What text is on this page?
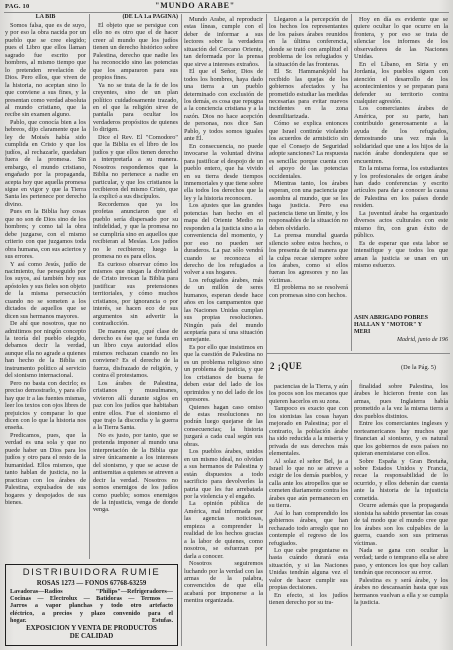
PAG. 10	"MUNDO ARABE"
LA BIB

Somos falsa, que es de suyo, y por eso la obra nacida por un pueblo que se cree elegido; pues el Libro que ellos llaman sagrado fue escrito por hombres, al mismo tiempo que lo pretenden revelación de Dios. Pero ellos, que viven de la historia, no aceptan sino lo que conviene a sus fines, y la presentan como verdad absoluta al mundo cristiano, que la recibe sin examen alguno.

Pablo, que conocía bien a los hebreos, dijo claramente que la ley de Moisés había sido cumplida en Cristo y que los judíos, al rechazarle, quedaban fuera de la promesa. Sin embargo, el mundo cristiano, engañado por la propaganda, acepta hoy que aquella promesa sigue en vigor y que la Tierra Santa les pertenece por derecho divino.

Pues en la Biblia hay cosas que no son de Dios sino de los hombres; y como tal la obra debe juzgarse, con el mismo criterio con que juzgamos toda obra humana, con sus aciertos y sus errores.

Y así como Jesús, judío de nacimiento, fue perseguido por los suyos, así también hoy sus apóstoles y sus fieles son objeto de la misma persecución cuando no se someten a los dictados de aquellos que se dicen sus hermanos mayores.

De ahí que nosotros, que no admitimos por ningún concepto la teoría del pueblo elegido, debamos decir la verdad, aunque ella no agrade a quienes han hecho de la Biblia un instrumento político al servicio del sionismo internacional.

Pero no basta con decirlo; es preciso demostrarlo, y para ello hay que ir a las fuentes mismas, leer los textos con ojos libres de prejuicios y comparar lo que dicen con lo que la historia nos enseña.

Predicamos, pues, que la verdad es una sola y que no puede haber un Dios para los judíos y otro para el resto de la humanidad. Ellos mismos, que tanto hablan de justicia, no la practican con los árabes de Palestina, expulsados de sus hogares y despojados de sus bienes.

(DE LA 1.a PAGINA)

El objeto que se persigue con ello no es otro que el de hacer creer al mundo que los judíos tienen un derecho histórico sobre Palestina, derecho que nadie les ha reconocido sino las potencias que los ampararon para sus propios fines.

Ya no se trata de la fe de los creyentes, sino de un plan político cuidadosamente trazado, en el que la religión sirve de pantalla para ocultar los verdaderos propósitos de quienes lo dirigen.

Dice el Rev. El "Comodoro" que la Biblia es el libro de los judíos y que ellos tienen derecho a interpretarla a su manera. Nosotros respondemos que la Biblia no pertenece a nadie en particular, y que los cristianos la recibieron del mismo Cristo, que la explicó a sus discípulos.

Recordemos que ya los profetas anunciaron que el pueblo sería dispersado por su infidelidad, y que la promesa no se cumpliría sino en aquellos que recibieran al Mesías. Los judíos no le recibieron; luego la promesa no es para ellos.

Es curioso observar cómo los mismos que niegan la divinidad de Cristo invocan la Biblia para justificar sus pretensiones territoriales, y cómo muchos cristianos, por ignorancia o por interés, se hacen eco de sus argumentos sin advertir la contradicción.

De manera que, ¿qué clase de derecho es ése que se funda en un libro cuya autoridad ellos mismos rechazan cuando no les conviene? Es el derecho de la fuerza, disfrazado de religión, y contra él protestamos.

Los árabes de Palestina, cristianos y musulmanes, vivieron allí durante siglos en paz con los judíos que habitaban entre ellos. Fue el sionismo el que trajo la discordia y la guerra a la Tierra Santa.

No es justo, por tanto, que se pretenda imponer al mundo una interpretación de la Biblia que sirve únicamente a los intereses del sionismo, y que se acuse de antisemitas a quienes se atreven a decir la verdad. Nosotros no somos enemigos de los judíos como pueblo; somos enemigos de la injusticia, venga de donde venga.

Mundo Arabe, al reproducir estas líneas, cumple con el deber de informar a sus lectores sobre la verdadera situación del Cercano Oriente, tan deformada por la prensa que sirve a intereses extraños.

El que el Señor, Dios de todos los hombres, haya dado una tierra a un pueblo determinado con exclusión de los demás, es cosa que repugna a la conciencia cristiana y a la razón. Dios no hace acepción de personas, nos dice San Pablo, y todos somos iguales ante Él.

En consecuencia, no puede invocarse la voluntad divina para justificar el despojo de un pueblo entero, que ha vivido en su tierra desde tiempos inmemoriales y que tiene sobre ella todos los derechos que la ley y la historia reconocen.

Los ajustes que las grandes potencias han hecho en el mapa del Oriente Medio no responden a la justicia sino a la conveniencia del momento, y por eso no pueden ser duraderos. La paz sólo vendrá cuando se reconozca el derecho de los refugiados a volver a sus hogares.

Los refugiados árabes, más de un millón de seres humanos, esperan desde hace años en los campamentos que las Naciones Unidas cumplan sus propias resoluciones. Ningún país del mundo aceptaría para sí una situación semejante.

Es por ello que insistimos en que la cuestión de Palestina no es un problema religioso sino un problema de justicia, y que los cristianos de buena fe deben estar del lado de los oprimidos y no del lado de los opresores.

Quienes hagan caso omiso de estas resoluciones no podrán luego quejarse de las consecuencias; la historia juzgará a cada cual según sus obras.

Los pueblos árabes, unidos en un mismo ideal, no olvidan a sus hermanos de Palestina y están dispuestos a todo sacrificio para devolverles la patria que les fue arrebatada por la violencia y el engaño.

La opinión pública de América, mal informada por las agencias noticiosas, empieza a comprender la realidad de los hechos gracias a la labor de quienes, como nosotros, se esfuerzan por darla a conocer.

Nosotros seguiremos luchando por la verdad con las armas de la palabra, convencidos de que ella acabará por imponerse a la mentira organizada.

Llegaron a la percepción de los hechos los representantes de los países árabes reunidos en la última conferencia, donde se trató con amplitud el problema de los refugiados y la situación de las fronteras.

El Sr. Hammarskjold ha recibido las quejas de los gobiernos afectados y ha prometido estudiar las medidas necesarias para evitar nuevos incidentes en la zona desmilitarizada.

Cómo se explica entonces que Israel continúe violando los acuerdos de armisticio sin que el Consejo de Seguridad adopte sanciones? La respuesta es sencilla: porque cuenta con el apoyo de las potencias occidentales.

Mientras tanto, los árabes esperan, con una paciencia que asombra al mundo, que se les haga justicia. Pero esa paciencia tiene un límite, y los responsables de la situación no deben olvidarlo.

La prensa mundial guarda silencio sobre estos hechos, o los presenta de tal manera que la culpa recae siempre sobre los árabes, como si ellos fueran los agresores y no las víctimas.

El problema no se resolverá con promesas sino con hechos.

Hoy en día es evidente que se quiere ocultar lo que ocurre en la frontera, y por eso se trata de silenciar los informes de los observadores de las Naciones Unidas.

En el Líbano, en Siria y en Jordania, los pueblos siguen con atención el desarrollo de los acontecimientos y se preparan para defender su territorio contra cualquier agresión.

Los comerciantes árabes de América, por su parte, han contribuido generosamente a la ayuda de los refugiados, demostrando una vez más la solidaridad que une a los hijos de la nación árabe dondequiera que se encuentren.

En la misma forma, los estudiantes y los profesionales de origen árabe han dado conferencias y escrito artículos para dar a conocer la causa de Palestina en los países donde residen.

La juventud árabe ha organizado diversos actos culturales con este mismo fin, con gran éxito de público.

Es de esperar que esta labor se intensifique y que todos los que aman la justicia se unan en un mismo esfuerzo.

ASIN ABRIGADO POBRES
HALLAN Y "MOTOR" Y
MERI
Madrid, junio de 196
2 ¡QUE	(De la Pág. 5)

paciencias de la Tierra, y aún los pocos son los mecanos que quieren hacerlos en su zona.

Tampoco es exacto que con los sionistas las cosas hayan mejorado en Palestina; por el contrario, la población árabe ha sido reducida a la miseria y privada de sus derechos más elementales.

Al solaz el señor Bel, ja a Israel lo que no se atreve a exigir de los demás pueblos, y calla ante los atropellos que se cometen diariamente contra los árabes que aún permanecen en su tierra.

Así lo han comprendido los gobiernos árabes, que han rechazado todo arreglo que no contemple el regreso de los refugiados.

Lo que cabe preguntarse es hasta cuándo durará esta situación, y si las Naciones Unidas tendrán alguna vez el valor de hacer cumplir sus propias decisiones.

En efecto, si los judíos tienen derecho por su tra-

finalidad sobre Palestina, los árabes le hicieron frente con las armas, pues Inglaterra había prometido a la vez la misma tierra a dos pueblos distintos.

Entre los comerciantes ingleses y norteamericanos hay muchos que financian al sionismo, y es natural que los gobiernos de esos países no quieran enemistarse con ellos.

Sobre España y Gran Bretaña, sobre Estados Unidos y Francia, recae la responsabilidad de lo ocurrido, y ellos deberán dar cuenta ante la historia de la injusticia cometida.

Ocurre además que la propaganda sionista ha sabido presentar las cosas de tal modo que el mundo cree que los árabes son los culpables de la guerra, cuando son sus primeras víctimas.

Nada se gana con ocultar la verdad; tarde o temprano ella se abre paso, y entonces los que hoy callan tendrán que reconocer su error.

Palestina es y será árabe, y los árabes no descansarán hasta que sus hermanos vuelvan a ella y se cumpla la justicia.

DISTRIBUIDORA RUMIE
ROSAS 1273 — FONOS 67768-63259
Lavadoras—Radios "Philips"—Refrigeradores—
Cocinas — Electrolux — Batidoras — Termos —
Jarros a vapor planchas y todo otro artefacto
eléctrico, a precios y plazo convenido para el
hogar. Estufas.
EXPOSICION Y VENTA DE PRODUCTOS
DE CALIDAD
